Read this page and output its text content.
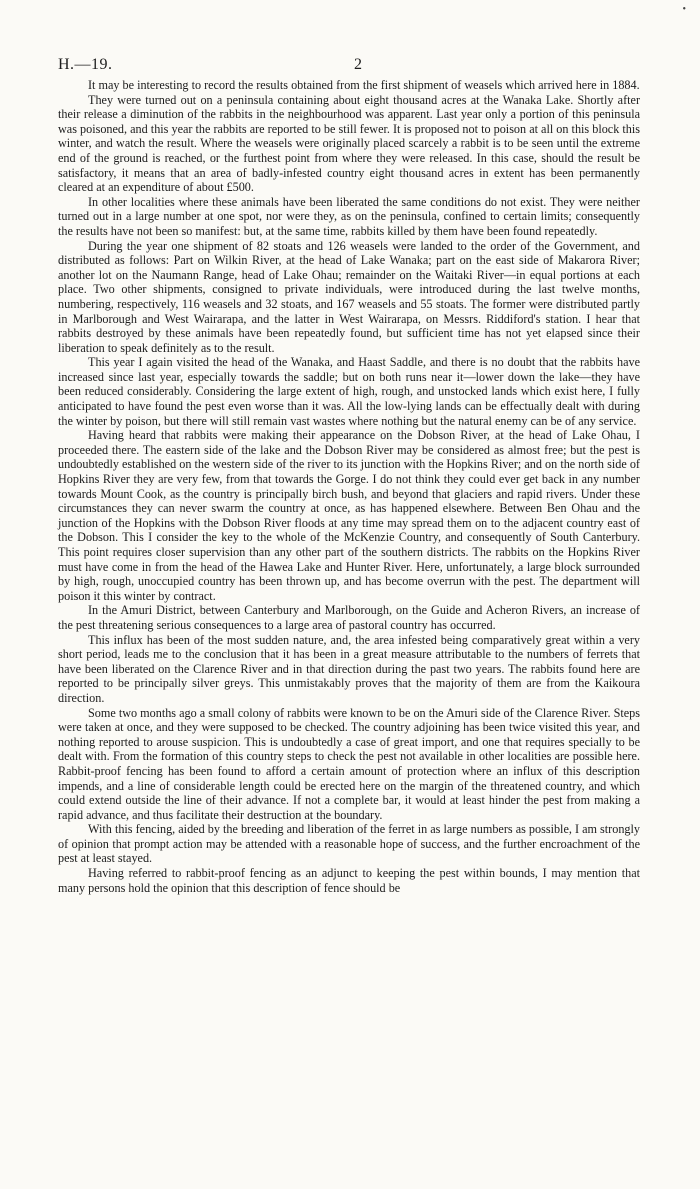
•
H.—19.	2

It may be interesting to record the results obtained from the first shipment of weasels which arrived here in 1884.

They were turned out on a peninsula containing about eight thousand acres at the Wanaka Lake. Shortly after their release a diminution of the rabbits in the neighbourhood was apparent. Last year only a portion of this peninsula was poisoned, and this year the rabbits are reported to be still fewer. It is proposed not to poison at all on this block this winter, and watch the result. Where the weasels were originally placed scarcely a rabbit is to be seen until the extreme end of the ground is reached, or the furthest point from where they were released. In this case, should the result be satisfactory, it means that an area of badly-infested country eight thousand acres in extent has been permanently cleared at an expenditure of about £500.

In other localities where these animals have been liberated the same conditions do not exist. They were neither turned out in a large number at one spot, nor were they, as on the peninsula, confined to certain limits; consequently the results have not been so manifest: but, at the same time, rabbits killed by them have been found repeatedly.

During the year one shipment of 82 stoats and 126 weasels were landed to the order of the Government, and distributed as follows: Part on Wilkin River, at the head of Lake Wanaka; part on the east side of Makarora River; another lot on the Naumann Range, head of Lake Ohau; remainder on the Waitaki River—in equal portions at each place. Two other shipments, consigned to private individuals, were introduced during the last twelve months, numbering, respectively, 116 weasels and 32 stoats, and 167 weasels and 55 stoats. The former were distributed partly in Marlborough and West Wairarapa, and the latter in West Wairarapa, on Messrs. Riddiford's station. I hear that rabbits destroyed by these animals have been repeatedly found, but sufficient time has not yet elapsed since their liberation to speak definitely as to the result.

This year I again visited the head of the Wanaka, and Haast Saddle, and there is no doubt that the rabbits have increased since last year, especially towards the saddle; but on both runs near it—lower down the lake—they have been reduced considerably. Considering the large extent of high, rough, and unstocked lands which exist here, I fully anticipated to have found the pest even worse than it was. All the low-lying lands can be effectually dealt with during the winter by poison, but there will still remain vast wastes where nothing but the natural enemy can be of any service.

Having heard that rabbits were making their appearance on the Dobson River, at the head of Lake Ohau, I proceeded there. The eastern side of the lake and the Dobson River may be considered as almost free; but the pest is undoubtedly established on the western side of the river to its junction with the Hopkins River; and on the north side of Hopkins River they are very few, from that towards the Gorge. I do not think they could ever get back in any number towards Mount Cook, as the country is principally birch bush, and beyond that glaciers and rapid rivers. Under these circumstances they can never swarm the country at once, as has happened elsewhere. Between Ben Ohau and the junction of the Hopkins with the Dobson River floods at any time may spread them on to the adjacent country east of the Dobson. This I consider the key to the whole of the McKenzie Country, and consequently of South Canterbury. This point requires closer supervision than any other part of the southern districts. The rabbits on the Hopkins River must have come in from the head of the Hawea Lake and Hunter River. Here, unfortunately, a large block surrounded by high, rough, unoccupied country has been thrown up, and has become overrun with the pest. The department will poison it this winter by contract.

In the Amuri District, between Canterbury and Marlborough, on the Guide and Acheron Rivers, an increase of the pest threatening serious consequences to a large area of pastoral country has occurred.

This influx has been of the most sudden nature, and, the area infested being comparatively great within a very short period, leads me to the conclusion that it has been in a great measure attributable to the numbers of ferrets that have been liberated on the Clarence River and in that direction during the past two years. The rabbits found here are reported to be principally silver greys. This unmistakably proves that the majority of them are from the Kaikoura direction.

Some two months ago a small colony of rabbits were known to be on the Amuri side of the Clarence River. Steps were taken at once, and they were supposed to be checked. The country adjoining has been twice visited this year, and nothing reported to arouse suspicion. This is undoubtedly a case of great import, and one that requires specially to be dealt with. From the formation of this country steps to check the pest not available in other localities are possible here. Rabbit-proof fencing has been found to afford a certain amount of protection where an influx of this description impends, and a line of considerable length could be erected here on the margin of the threatened country, and which could extend outside the line of their advance. If not a complete bar, it would at least hinder the pest from making a rapid advance, and thus facilitate their destruction at the boundary.

With this fencing, aided by the breeding and liberation of the ferret in as large numbers as possible, I am strongly of opinion that prompt action may be attended with a reasonable hope of success, and the further encroachment of the pest at least stayed.

Having referred to rabbit-proof fencing as an adjunct to keeping the pest within bounds, I may mention that many persons hold the opinion that this description of fence should be
